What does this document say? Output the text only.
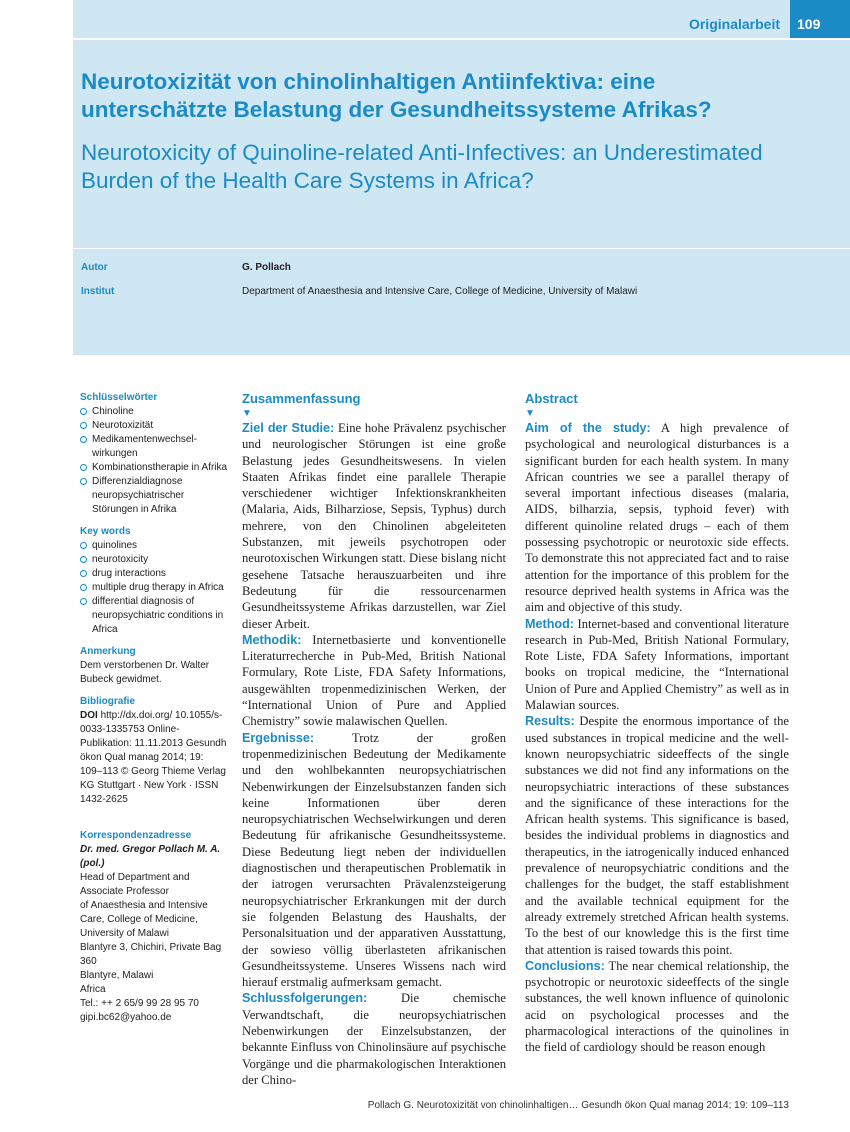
Originalarbeit	109
Neurotoxizität von chinolinhaltigen Antiinfektiva: eine unterschätzte Belastung der Gesundheitssysteme Afrikas?
Neurotoxicity of Quinoline-related Anti-Infectives: an Underestimated Burden of the Health Care Systems in Africa?
Autor	G. Pollach
Institut	Department of Anaesthesia and Intensive Care, College of Medicine, University of Malawi
Schlüsselwörter
Chinoline
Neurotoxizität
Medikamentenwechselwirkungen
Kombinationstherapie in Afrika
Differenzialdiagnose neuropsychiatrischer Störungen in Afrika
Key words
quinolines
neurotoxicity
drug interactions
multiple drug therapy in Africa
differential diagnosis of neuropsychiatric conditions in Africa
Anmerkung
Dem verstorbenen Dr. Walter Bubeck gewidmet.
Bibliografie
DOI http://dx.doi.org/ 10.1055/s-0033-1335753 Online-Publikation: 11.11.2013 Gesundh ökon Qual manag 2014; 19: 109–113 © Georg Thieme Verlag KG Stuttgart · New York · ISSN 1432-2625
Korrespondenzadresse
Dr. med. Gregor Pollach M. A. (pol.)
Head of Department and Associate Professor
of Anaesthesia and Intensive Care, College of Medicine, University of Malawi
Blantyre 3, Chichiri, Private Bag 360
Blantyre, Malawi
Africa
Tel.: ++ 2 65/9 99 28 95 70
gipi.bc62@yahoo.de
Zusammenfassung
▼

Ziel der Studie: Eine hohe Prävalenz psychischer und neurologischer Störungen ist eine große Belastung jedes Gesundheitswesens. In vielen Staaten Afrikas findet eine parallele Therapie verschiedener wichtiger Infektionskrankheiten (Malaria, Aids, Bilharziose, Sepsis, Typhus) durch mehrere, von den Chinolinen abgeleiteten Substanzen, mit jeweils psychotropen oder neurotoxischen Wirkungen statt. Diese bislang nicht gesehene Tatsache herauszuarbeiten und ihre Bedeutung für die ressourcenarmen Gesundheitssysteme Afrikas darzustellen, war Ziel dieser Arbeit.

Methodik: Internetbasierte und konventionelle Literaturrecherche in Pub-Med, British National Formulary, Rote Liste, FDA Safety Informations, ausgewählten tropenmedizinischen Werken, der “International Union of Pure and Applied Chemistry” sowie malawischen Quellen.

Ergebnisse:	Trotz der großen tropenmedizinischen Bedeutung der Medikamente und den wohlbekannten neuropsychiatrischen Nebenwirkungen der Einzelsubstanzen fanden sich keine Informationen über deren neuropsychiatrischen Wechselwirkungen und deren Bedeutung für afrikanische Gesundheitssysteme. Diese Bedeutung liegt neben der individuellen diagnostischen und therapeutischen Problematik in der iatrogen verursachten Prävalenzsteigerung neuropsychiatrischer Erkrankungen mit der durch sie folgenden Belastung des Haushalts, der Personalsituation und der apparativen Ausstattung, der sowieso völlig überlasteten afrikanischen Gesundheitssysteme. Unseres Wissens nach wird hierauf erstmalig aufmerksam gemacht.

Schlussfolgerungen:	Die chemische Verwandtschaft, die neuropsychiatrischen Nebenwirkungen der Einzelsubstanzen, der bekannte Einfluss von Chinolinsäure auf psychische Vorgänge und die pharmakologischen Interaktionen der Chino-

Abstract
▼

Aim of the study: A high prevalence of psychological and neurological disturbances is a significant burden for each health system. In many African countries we see a parallel therapy of several important infectious diseases (malaria, AIDS, bilharzia, sepsis, typhoid fever) with different quinoline related drugs – each of them possessing psychotropic or neurotoxic side effects. To demonstrate this not appreciated fact and to raise attention for the importance of this problem for the resource deprived health systems in Africa was the aim and objective of this study.

Method: Internet-based and conventional literature research in Pub-Med, British National Formulary, Rote Liste, FDA Safety Informations, important books on tropical medicine, the “International Union of Pure and Applied Chemistry” as well as in Malawian sources.

Results: Despite the enormous importance of the used substances in tropical medicine and the well-known neuropsychiatric sideeffects of the single substances we did not find any informations on the neuropsychiatric interactions of these substances and the significance of these interactions for the African health systems. This significance is based, besides the individual problems in diagnostics and therapeutics, in the iatrogenically induced enhanced prevalence of neuropsychiatric conditions and the challenges for the budget, the staff establishment and the available technical equipment for the already extremely stretched African health systems. To the best of our knowledge this is the first time that attention is raised towards this point.

Conclusions: The near chemical relationship, the psychotropic or neurotoxic sideeffects of the single substances, the well known influence of quinolonic acid on psychological processes and the pharmacological interactions of the quinolines in the field of cardiology should be reason enough

Pollach G. Neurotoxizität von chinolinhaltigen… Gesundh ökon Qual manag 2014; 19: 109–113
